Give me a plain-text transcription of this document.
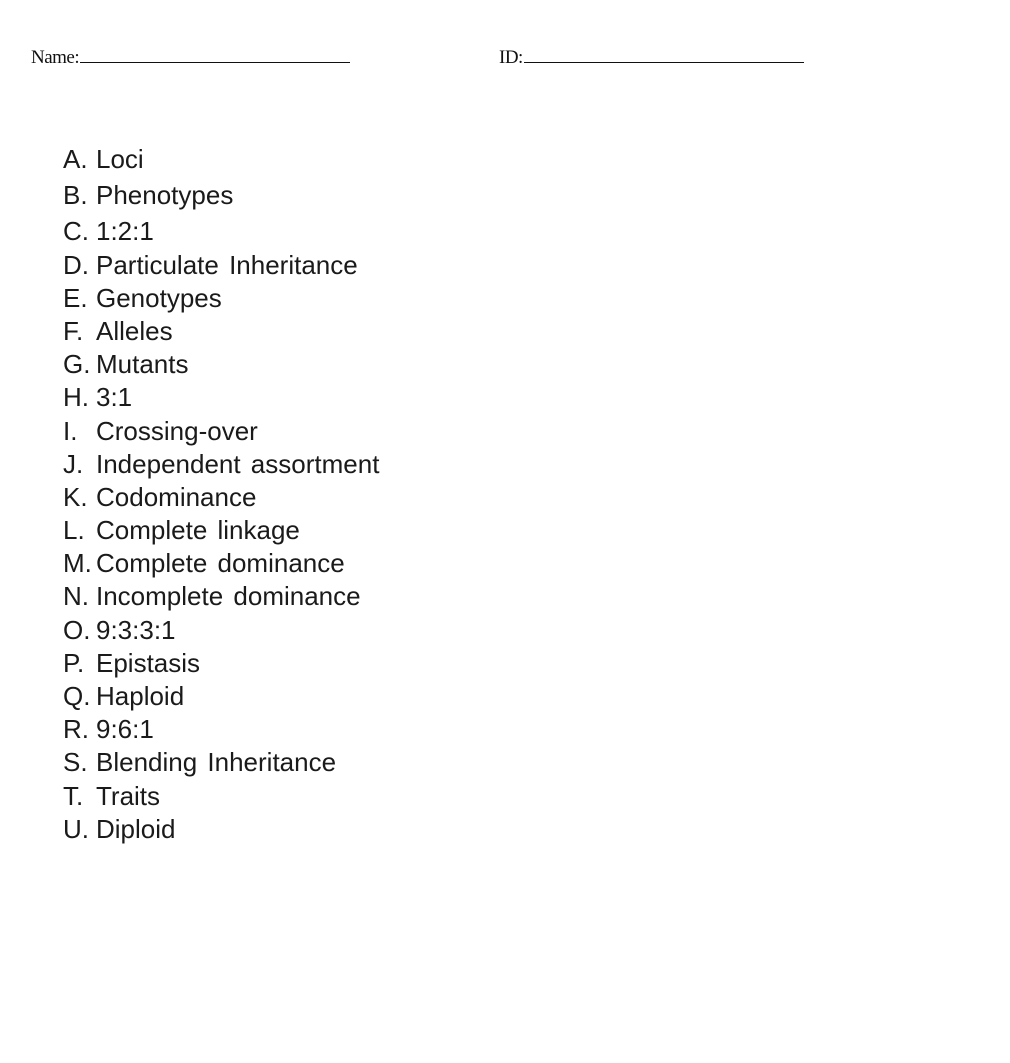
Name:	ID:
A. Loci
B. Phenotypes
C. 1:2:1
D. Particulate Inheritance
E. Genotypes
F. Alleles
G. Mutants
H. 3:1
I. Crossing-over
J. Independent assortment
K. Codominance
L. Complete linkage
M. Complete dominance
N. Incomplete dominance
O. 9:3:3:1
P. Epistasis
Q. Haploid
R. 9:6:1
S. Blending Inheritance
T. Traits
U. Diploid
